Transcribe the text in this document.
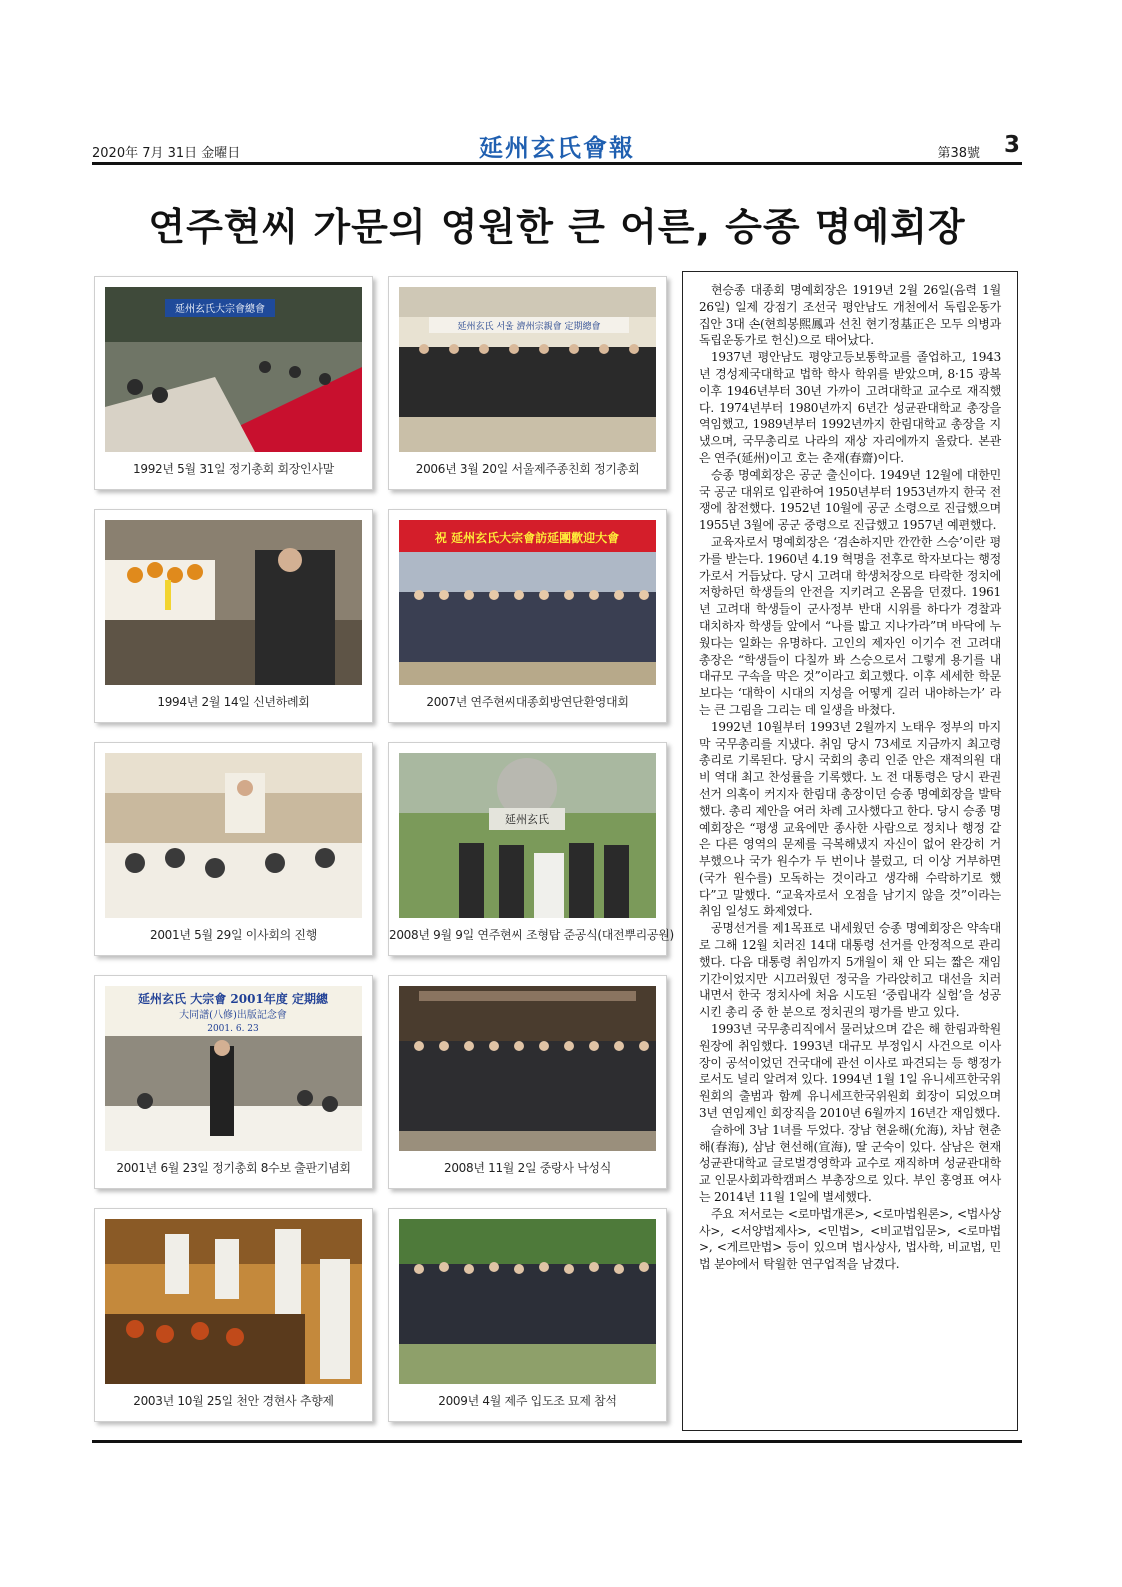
2020年 7月 31日 金曜日	延州玄氏會報	第38號 3
연주현씨 가문의 영원한 큰 어른, 승종 명예회장
延州玄氏大宗會總會
1992년 5월 31일 정기총회 회장인사말
延州玄氏 서울 濟州宗親會 定期總會
2006년 3월 20일 서울제주종친회 정기총회
1994년 2월 14일 신년하례회
祝 延州玄氏大宗會訪延團歡迎大會
2007년 연주현씨대종회방연단환영대회
2001년 5월 29일 이사회의 진행
延州玄氏
2008년 9월 9일 연주현씨 조형탑 준공식(대전뿌리공원)
延州玄氏 大宗會 2001年度 定期總
大同譜(八修)出版記念會
2001. 6. 23
2001년 6월 23일 정기총회 8수보 출판기념회	2008년 11월 2일 중랑사 낙성식
2003년 10월 25일 천안 경현사 추향제	2009년 4월 제주 입도조 묘제 참석

현승종 대종회 명예회장은 1919년 2월 26일(음력 1월 26일) 일제 강점기 조선국 평안남도 개천에서 독립운동가 집안 3대 손(현희봉熙鳳과 선친 현기정基正은 모두 의병과 독립운동가로 헌신)으로 태어났다.

1937년 평안남도 평양고등보통학교를 졸업하고, 1943년 경성제국대학교 법학 학사 학위를 받았으며, 8·15 광복 이후 1946년부터 30년 가까이 고려대학교 교수로 재직했다. 1974년부터 1980년까지 6년간 성균관대학교 총장을 역임했고, 1989년부터 1992년까지 한림대학교 총장을 지냈으며, 국무총리로 나라의 재상 자리에까지 올랐다. 본관은 연주(延州)이고 호는 춘재(春齋)이다.

승종 명예회장은 공군 출신이다. 1949년 12월에 대한민국 공군 대위로 입관하여 1950년부터 1953년까지 한국 전쟁에 참전했다. 1952년 10월에 공군 소령으로 진급했으며 1955년 3월에 공군 중령으로 진급했고 1957년 예편했다.

교육자로서 명예회장은 ‘겸손하지만 깐깐한 스승’이란 평가를 받는다. 1960년 4.19 혁명을 전후로 학자보다는 행정가로서 거듭났다. 당시 고려대 학생처장으로 타락한 정치에 저항하던 학생들의 안전을 지키려고 온몸을 던졌다. 1961년 고려대 학생들이 군사정부 반대 시위를 하다가 경찰과 대치하자 학생들 앞에서 “나를 밟고 지나가라”며 바닥에 누웠다는 일화는 유명하다. 고인의 제자인 이기수 전 고려대 총장은 “학생들이 다칠까 봐 스승으로서 그렇게 용기를 내 대규모 구속을 막은 것”이라고 회고했다. 이후 세세한 학문보다는 ‘대학이 시대의 지성을 어떻게 길러 내야하는가’ 라는 큰 그림을 그리는 데 일생을 바쳤다.

1992년 10월부터 1993년 2월까지 노태우 정부의 마지막 국무총리를 지냈다. 취임 당시 73세로 지금까지 최고령 총리로 기록된다. 당시 국회의 총리 인준 안은 재적의원 대비 역대 최고 찬성률을 기록했다. 노 전 대통령은 당시 관권 선거 의혹이 커지자 한림대 총장이던 승종 명예회장을 발탁했다. 총리 제안을 여러 차례 고사했다고 한다. 당시 승종 명예회장은 “평생 교육에만 종사한 사람으로 정치나 행정 같은 다른 영역의 문제를 극복해냈지 자신이 없어 완강히 거부했으나 국가 원수가 두 번이나 불렀고, 더 이상 거부하면 (국가 원수를) 모독하는 것이라고 생각해 수락하기로 했다”고 말했다. “교육자로서 오점을 남기지 않을 것”이라는 취임 일성도 화제였다.

공명선거를 제1목표로 내세웠던 승종 명예회장은 약속대로 그해 12월 치러진 14대 대통령 선거를 안정적으로 관리했다. 다음 대통령 취임까지 5개월이 채 안 되는 짧은 재임 기간이었지만 시끄러웠던 정국을 가라앉히고 대선을 치러내면서 한국 정치사에 처음 시도된 ‘중립내각 실험’을 성공시킨 총리 중 한 분으로 정치권의 평가를 받고 있다.

1993년 국무총리직에서 물러났으며 같은 해 한림과학원 원장에 취임했다. 1993년 대규모 부정입시 사건으로 이사장이 공석이었던 건국대에 관선 이사로 파견되는 등 행정가로서도 널리 알려져 있다. 1994년 1월 1일 유니세프한국위원회의 출범과 함께 유니세프한국위원회 회장이 되었으며 3년 연임제인 회장직을 2010년 6월까지 16년간 재임했다.

슬하에 3남 1녀를 두었다. 장남 현윤해(允海), 차남 현춘해(春海), 삼남 현선해(宣海), 딸 군숙이 있다. 삼남은 현재 성균관대학교 글로벌경영학과 교수로 재직하며 성균관대학교 인문사회과학캠퍼스 부총장으로 있다. 부인 홍영표 여사는 2014년 11월 1일에 별세했다.

주요 저서로는 <로마법개론>, <로마법원론>, <법사상사>, <서양법제사>, <민법>, <비교법입문>, <로마법>, <게르만법> 등이 있으며 법사상사, 법사학, 비교법, 민법 분야에서 탁월한 연구업적을 남겼다.
